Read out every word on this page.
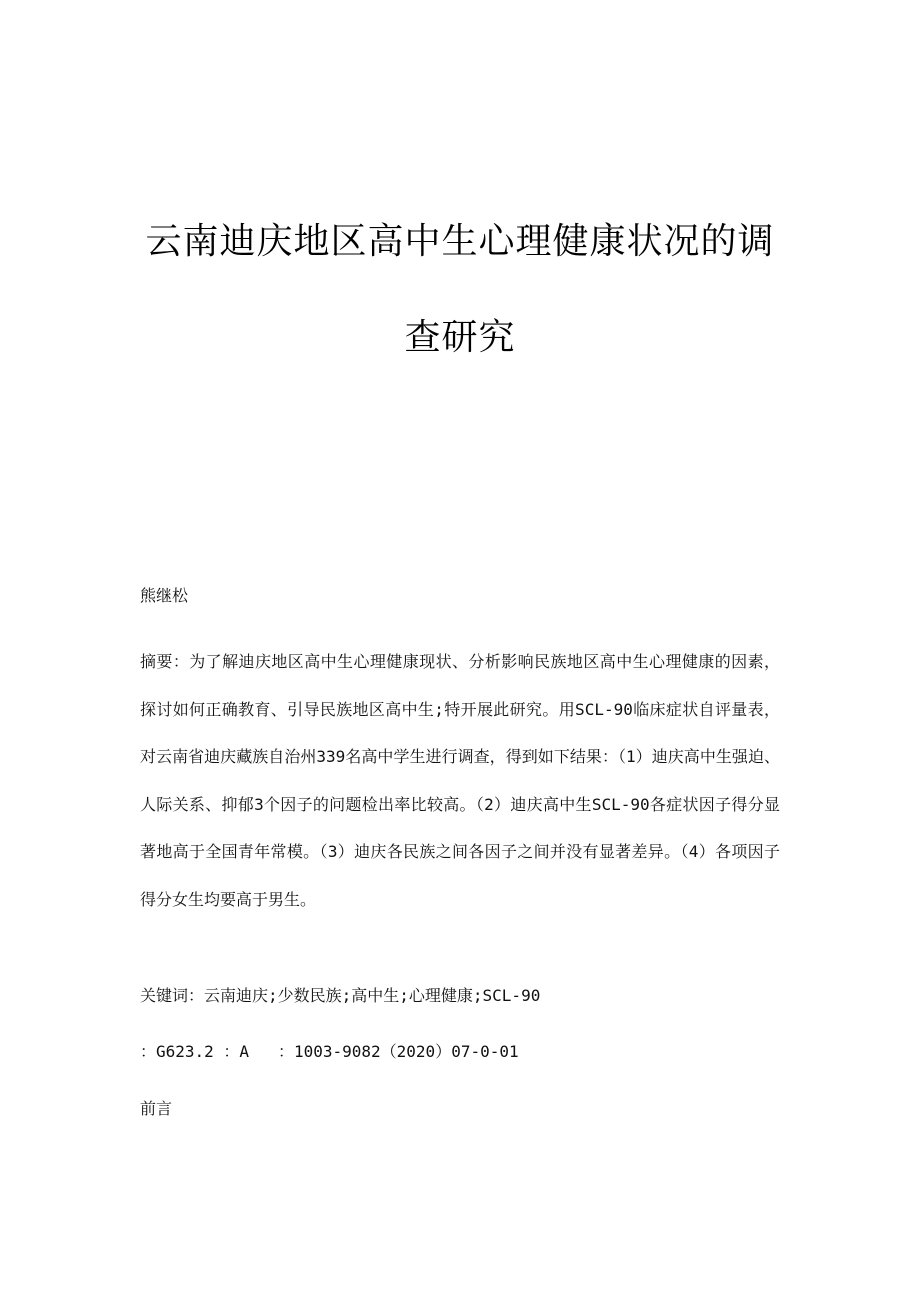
云南迪庆地区高中生心理健康状况的调
查研究

熊继松

摘要：为了解迪庆地区高中生心理健康现状、分析影响民族地区高中生心理健康的因素， 探讨如何正确教育、引导民族地区高中生;特开展此研究。用SCL-90临床症状自评量表，对云南省迪庆藏族自治州339名高中学生进行调查，得到如下结果：（1）迪庆高中生强迫、人际关系、抑郁3个因子的问题检出率比较高。（2）迪庆高中生SCL-90各症状因子得分显著地高于全国青年常模。（3）迪庆各民族之间各因子之间并没有显著差异。（4）各项因子得分女生均要高于男生。

关键词：云南迪庆;少数民族;高中生;心理健康;SCL-90

：G623.2 ：A   ：1003-9082（2020）07-0-01

前言
